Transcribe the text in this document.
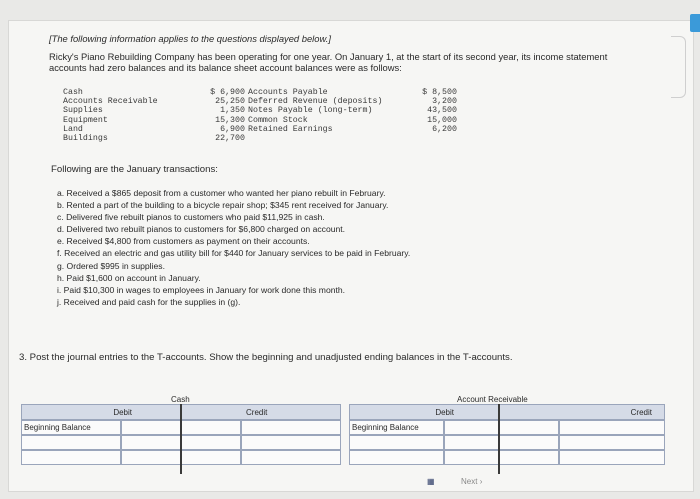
[The following information applies to the questions displayed below.]

Ricky's Piano Rebuilding Company has been operating for one year. On January 1, at the start of its second year, its income statement accounts had zero balances and its balance sheet account balances were as follows:

Cash
Accounts Receivable
Supplies
Equipment
Land
Buildings
$ 6,900
25,250
1,350
15,300
6,900
22,700
Accounts Payable
Deferred Revenue (deposits)
Notes Payable (long-term)
Common Stock
Retained Earnings
$ 8,500
3,200
43,500
15,000
6,200
Following are the January transactions:
a. Received a $865 deposit from a customer who wanted her piano rebuilt in February.
b. Rented a part of the building to a bicycle repair shop; $345 rent received for January.
c. Delivered five rebuilt pianos to customers who paid $11,925 in cash.
d. Delivered two rebuilt pianos to customers for $6,800 charged on account.
e. Received $4,800 from customers as payment on their accounts.
f. Received an electric and gas utility bill for $440 for January services to be paid in February.
g. Ordered $995 in supplies.
h. Paid $1,600 on account in January.
i. Paid $10,300 in wages to employees in January for work done this month.
j. Received and paid cash for the supplies in (g).
3. Post the journal entries to the T-accounts. Show the beginning and unadjusted ending balances in the T-accounts.
Cash
Debit	Credit
Beginning Balance
Account Receivable
Debit	Credit
Beginning Balance
Next ›
▦
